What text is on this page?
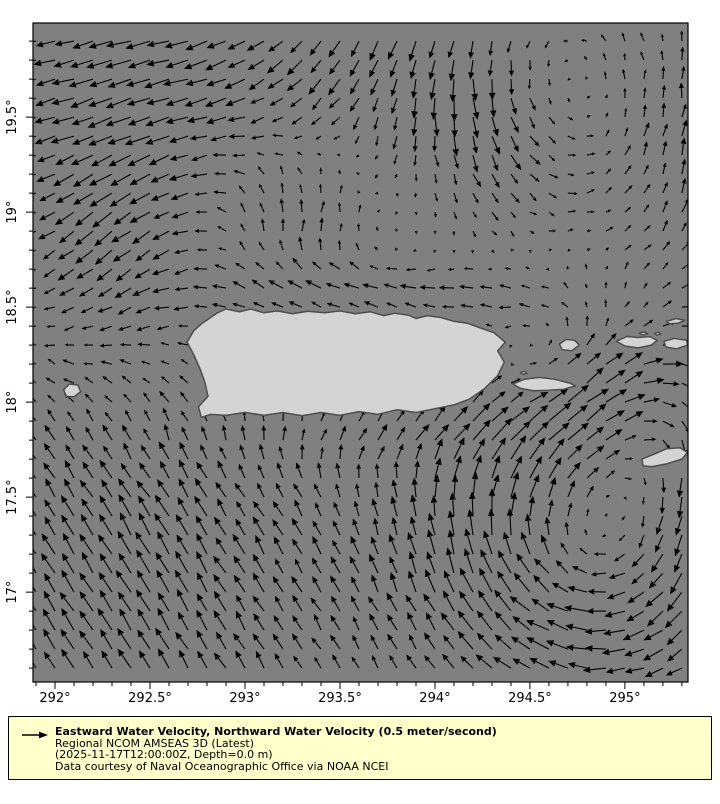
292°	292.5°	293°	293.5°	294°	294.5°	295°
17°
17.5°
18°
18.5°
19°
19.5°
Eastward Water Velocity, Northward Water Velocity (0.5 meter/second)
Regional NCOM AMSEAS 3D (Latest)
(2025-11-17T12:00:00Z, Depth=0.0 m)
Data courtesy of Naval Oceanographic Office via NOAA NCEI
